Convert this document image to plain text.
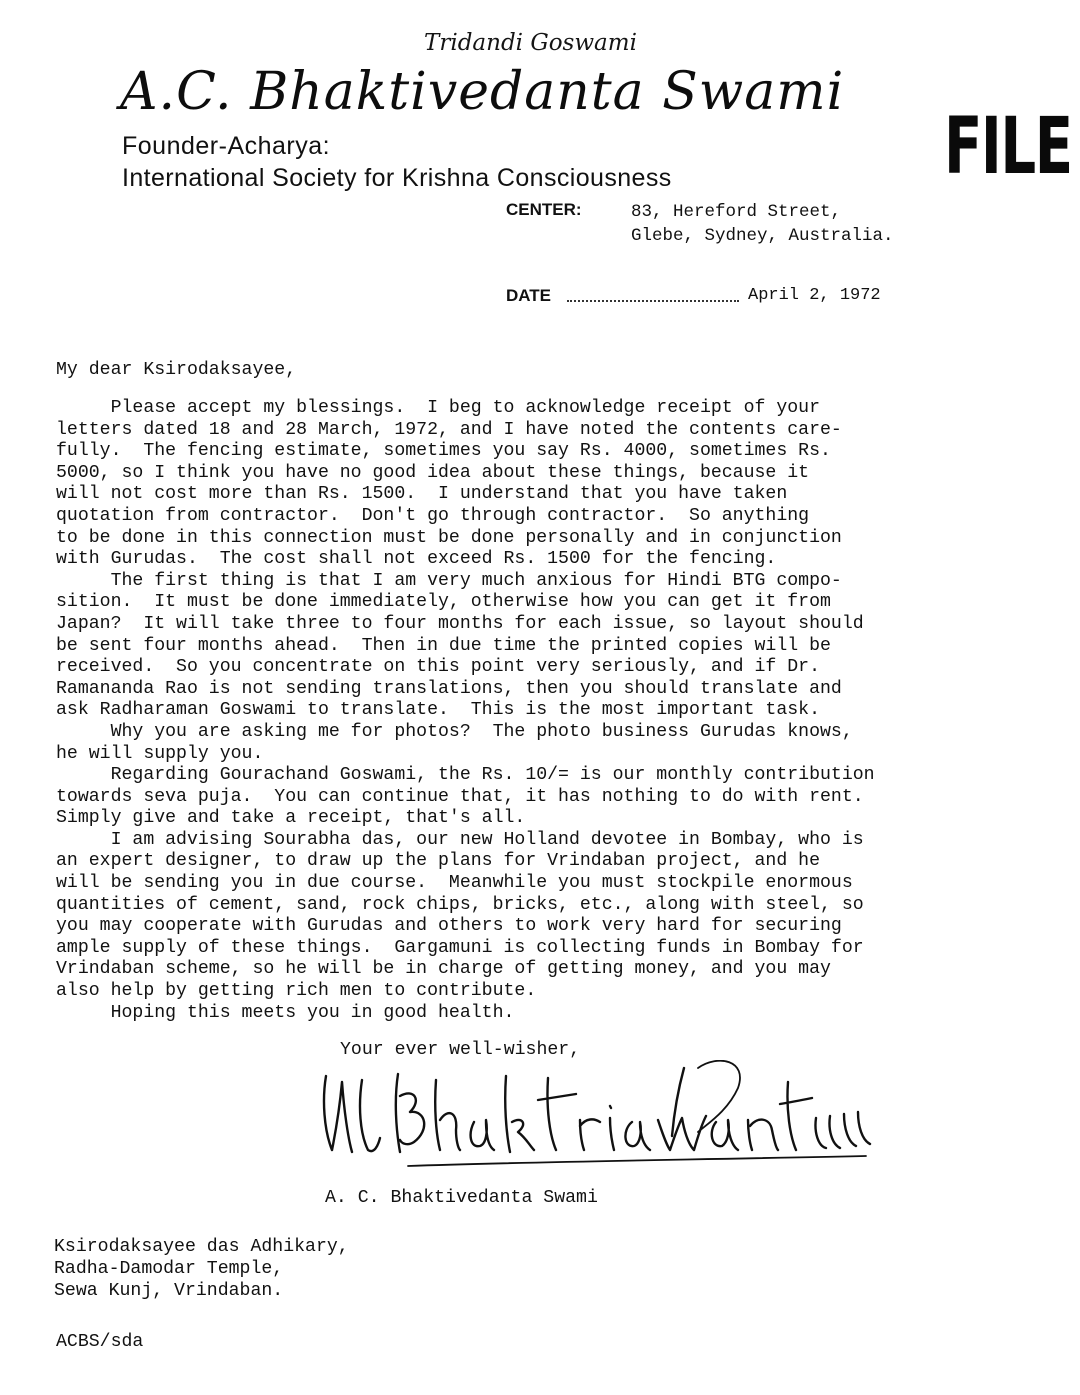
Tridandi Goswami
A.C. Bhaktivedanta Swami
Founder-Acharya:
International Society for Krishna Consciousness	FILE
CENTER:	83, Hereford Street,
Glebe, Sydney, Australia.
DATE	April 2, 1972
My dear Ksirodaksayee,
Please accept my blessings.  I beg to acknowledge receipt of your
letters dated 18 and 28 March, 1972, and I have noted the contents care-
fully.  The fencing estimate, sometimes you say Rs. 4000, sometimes Rs.
5000, so I think you have no good idea about these things, because it
will not cost more than Rs. 1500.  I understand that you have taken
quotation from contractor.  Don't go through contractor.  So anything
to be done in this connection must be done personally and in conjunction
with Gurudas.  The cost shall not exceed Rs. 1500 for the fencing.
The first thing is that I am very much anxious for Hindi BTG compo-
sition.  It must be done immediately, otherwise how you can get it from
Japan?  It will take three to four months for each issue, so layout should
be sent four months ahead.  Then in due time the printed copies will be
received.  So you concentrate on this point very seriously, and if Dr.
Ramananda Rao is not sending translations, then you should translate and
ask Radharaman Goswami to translate.  This is the most important task.
Why you are asking me for photos?  The photo business Gurudas knows,
he will supply you.
Regarding Gourachand Goswami, the Rs. 10/= is our monthly contribution
towards seva puja.  You can continue that, it has nothing to do with rent.
Simply give and take a receipt, that's all.
I am advising Sourabha das, our new Holland devotee in Bombay, who is
an expert designer, to draw up the plans for Vrindaban project, and he
will be sending you in due course.  Meanwhile you must stockpile enormous
quantities of cement, sand, rock chips, bricks, etc., along with steel, so
you may cooperate with Gurudas and others to work very hard for securing
ample supply of these things.  Gargamuni is collecting funds in Bombay for
Vrindaban scheme, so he will be in charge of getting money, and you may
also help by getting rich men to contribute.
Hoping this meets you in good health.
Your ever well-wisher,
A. C. Bhaktivedanta Swami
Ksirodaksayee das Adhikary,
Radha-Damodar Temple,
Sewa Kunj, Vrindaban.
ACBS/sda
